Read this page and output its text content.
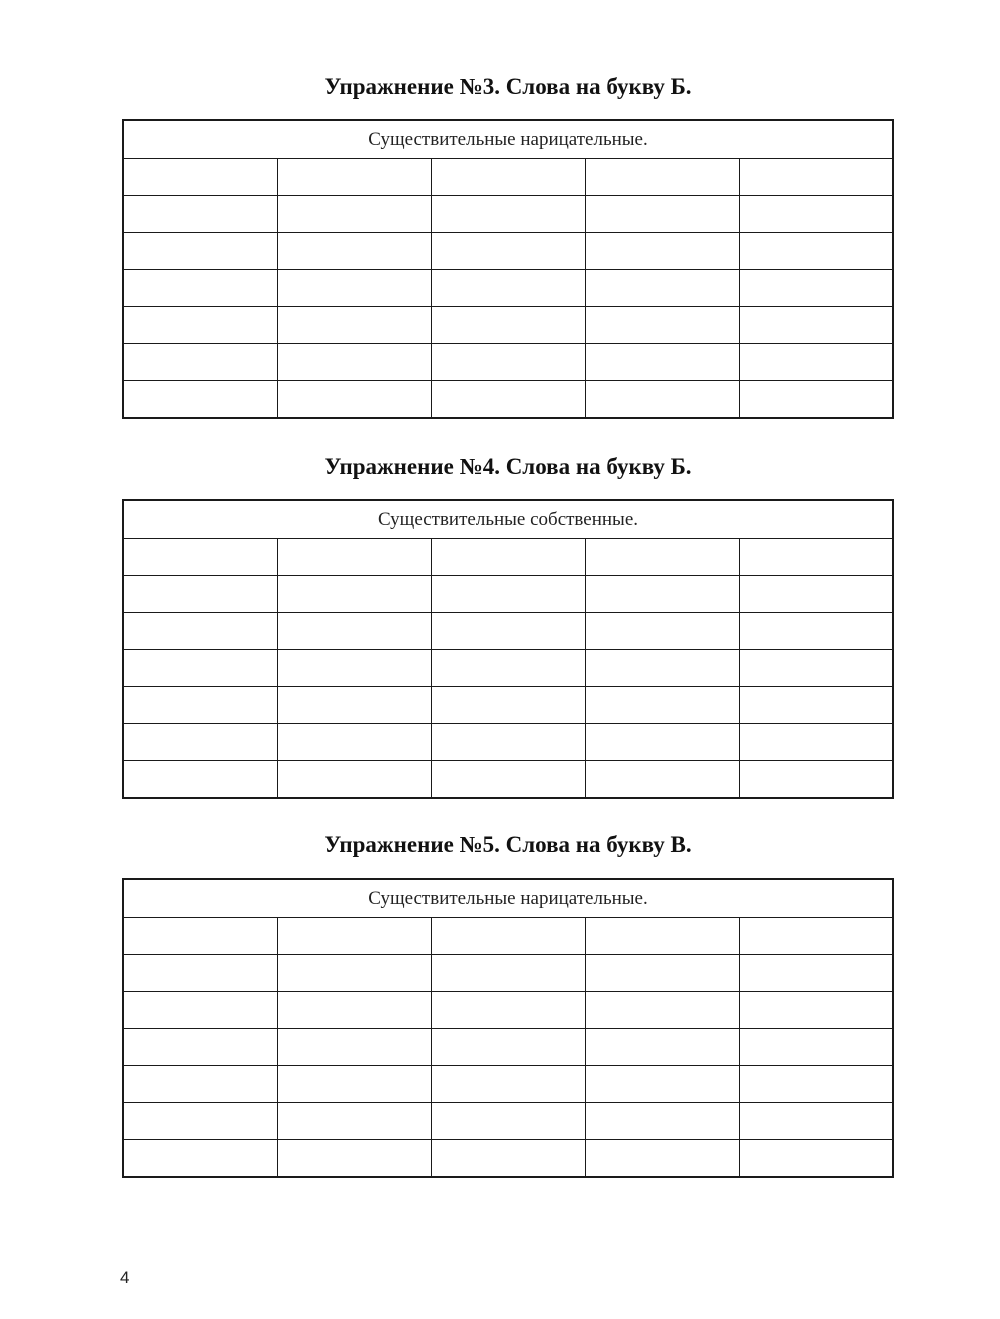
Упражнение №3. Слова на букву Б.
Существительные нарицательные.				

Упражнение №4. Слова на букву Б.
Существительные собственные.				

Упражнение №5. Слова на букву В.
Существительные нарицательные.				

4
